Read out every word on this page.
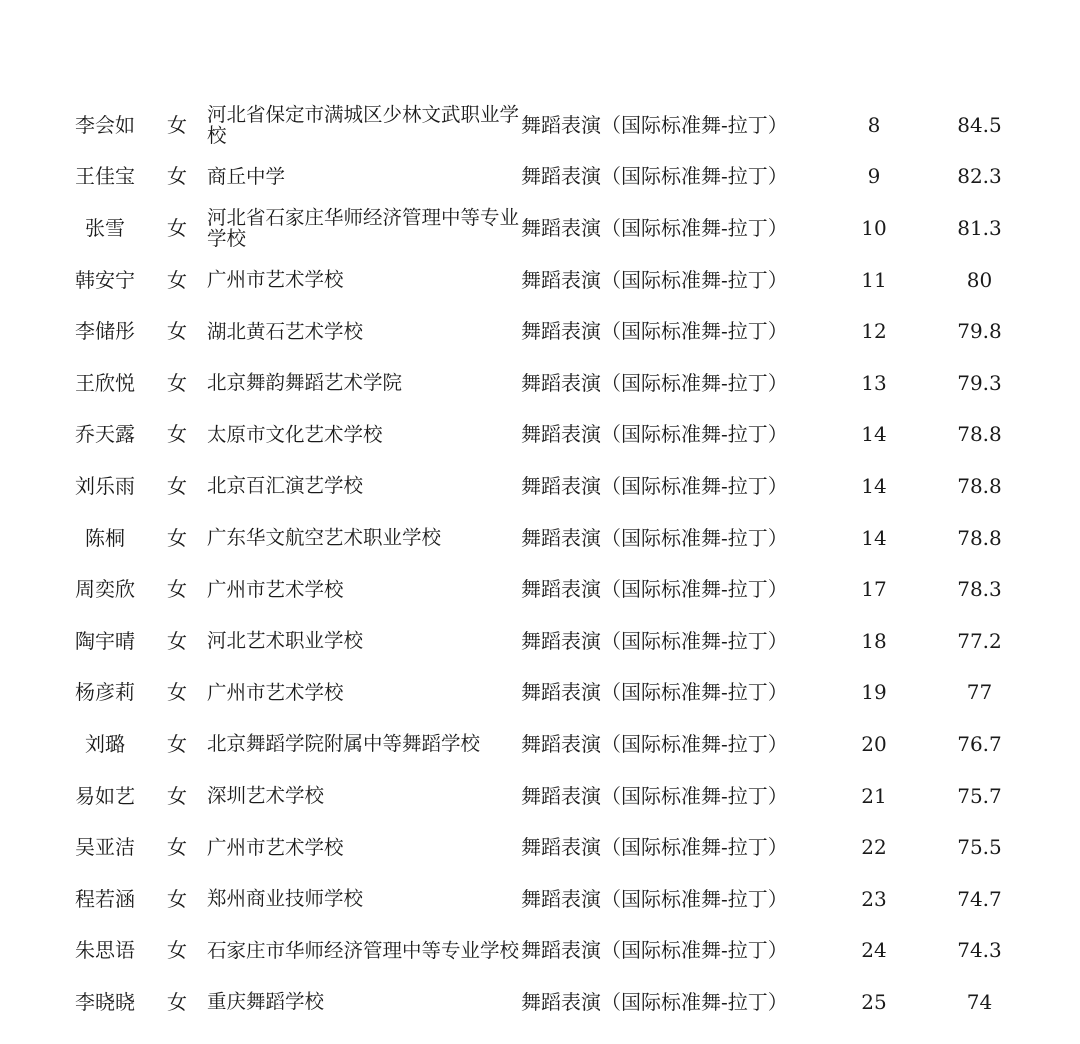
李会如	女	河北省保定市满城区少林文武职业学校	舞蹈表演（国际标准舞-拉丁）	8	84.5
王佳宝	女	商丘中学	舞蹈表演（国际标准舞-拉丁）	9	82.3
张雪	女	河北省石家庄华师经济管理中等专业学校	舞蹈表演（国际标准舞-拉丁）	10	81.3
韩安宁	女	广州市艺术学校	舞蹈表演（国际标准舞-拉丁）	11	80
李储彤	女	湖北黄石艺术学校	舞蹈表演（国际标准舞-拉丁）	12	79.8
王欣悦	女	北京舞韵舞蹈艺术学院	舞蹈表演（国际标准舞-拉丁）	13	79.3
乔天露	女	太原市文化艺术学校	舞蹈表演（国际标准舞-拉丁）	14	78.8
刘乐雨	女	北京百汇演艺学校	舞蹈表演（国际标准舞-拉丁）	14	78.8
陈桐	女	广东华文航空艺术职业学校	舞蹈表演（国际标准舞-拉丁）	14	78.8
周奕欣	女	广州市艺术学校	舞蹈表演（国际标准舞-拉丁）	17	78.3
陶宇晴	女	河北艺术职业学校	舞蹈表演（国际标准舞-拉丁）	18	77.2
杨彦莉	女	广州市艺术学校	舞蹈表演（国际标准舞-拉丁）	19	77
刘璐	女	北京舞蹈学院附属中等舞蹈学校	舞蹈表演（国际标准舞-拉丁）	20	76.7
易如艺	女	深圳艺术学校	舞蹈表演（国际标准舞-拉丁）	21	75.7
吴亚洁	女	广州市艺术学校	舞蹈表演（国际标准舞-拉丁）	22	75.5
程若涵	女	郑州商业技师学校	舞蹈表演（国际标准舞-拉丁）	23	74.7
朱思语	女	石家庄市华师经济管理中等专业学校 舞蹈表演（国际标准舞-拉丁）	24	74.3
李晓晓	女	重庆舞蹈学校	舞蹈表演（国际标准舞-拉丁）	25	74
